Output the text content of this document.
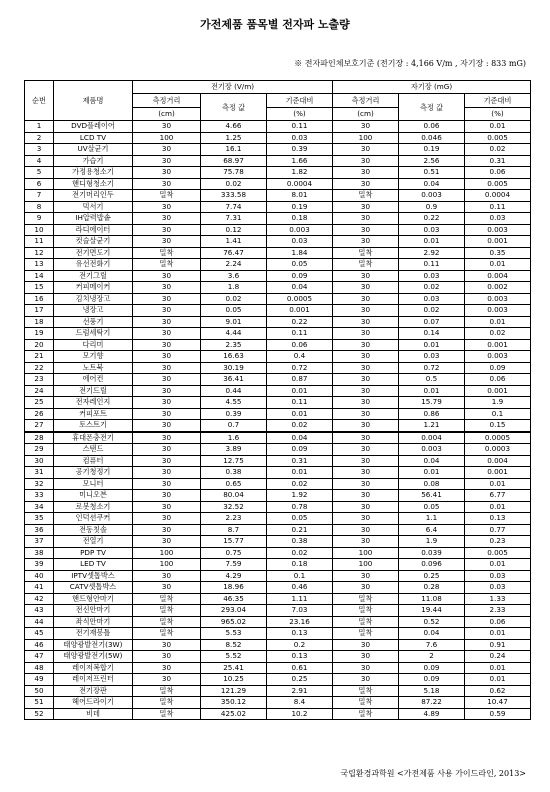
가전제품 품목별 전자파 노출량
※ 전자파인체보호기준 (전기장 : 4,166 V/m , 자기장 : 833 mG)
순번	제품명	전기장 (V/m)			자기장 (mG)		
		측정거리	측정 값	기준대비	측정거리	측정 값	기준대비
		(cm)		(%)	(cm)		(%)
1	DVD플레이어	30	4.66	0.11	30	0.06	0.01
2	LCD TV	100	1.25	0.03	100	0.046	0.005
3	UV살균기	30	16.1	0.39	30	0.19	0.02
4	가습기	30	68.97	1.66	30	2.56	0.31
5	가정용청소기	30	75.78	1.82	30	0.51	0.06
6	핸디형청소기	30	0.02	0.0004	30	0.04	0.005
7	전기머리인두	밀착	333.58	8.01	밀착	0.003	0.0004
8	믹서기	30	7.74	0.19	30	0.9	0.11
9	IH압력밥솥	30	7.31	0.18	30	0.22	0.03
10	라디에이터	30	0.12	0.003	30	0.03	0.003
11	컷슬살균기	30	1.41	0.03	30	0.01	0.001
12	전기면도기	밀착	76.47	1.84	밀착	2.92	0.35
13	유선전화기	밀착	2.24	0.05	밀착	0.11	0.01
14	전기그릴	30	3.6	0.09	30	0.03	0.004
15	커피메이커	30	1.8	0.04	30	0.02	0.002
16	김치냉장고	30	0.02	0.0005	30	0.03	0.003
17	냉장고	30	0.05	0.001	30	0.02	0.003
18	선풍기	30	9.01	0.22	30	0.07	0.01
19	드럼세탁기	30	4.44	0.11	30	0.14	0.02
20	다리미	30	2.35	0.06	30	0.01	0.001
21	모기향	30	16.63	0.4	30	0.03	0.003
22	노트북	30	30.19	0.72	30	0.72	0.09
23	에어컨	30	36.41	0.87	30	0.5	0.06
24	전기드릴	30	0.44	0.01	30	0.01	0.001
25	전자레인지	30	4.55	0.11	30	15.79	1.9
26	커피포트	30	0.39	0.01	30	0.86	0.1
27	토스트기	30	0.7	0.02	30	1.21	0.15
28	휴대폰충전기	30	1.6	0.04	30	0.004	0.0005
29	스탠드	30	3.89	0.09	30	0.003	0.0003
30	컴퓨터	30	12.75	0.31	30	0.04	0.004
31	공기청정기	30	0.38	0.01	30	0.01	0.001
32	모니터	30	0.65	0.02	30	0.08	0.01
33	미니오븐	30	80.04	1.92	30	56.41	6.77
34	로봇청소기	30	32.52	0.78	30	0.05	0.01
35	인덕션쿠커	30	2.23	0.05	30	1.1	0.13
36	전동칫솔	30	8.7	0.21	30	6.4	0.77
37	전열기	30	15.77	0.38	30	1.9	0.23
38	PDP TV	100	0.75	0.02	100	0.039	0.005
39	LED TV	100	7.59	0.18	100	0.096	0.01
40	IPTV셋톱박스	30	4.29	0.1	30	0.25	0.03
41	CATV셋톱박스	30	18.96	0.46	30	0.28	0.03
42	핸드형안마기	밀착	46.35	1.11	밀착	11.08	1.33
43	전신안마기	밀착	293.04	7.03	밀착	19.44	2.33
44	좌식안마기	밀착	965.02	23.16	밀착	0.52	0.06
45	전기재봉틀	밀착	5.53	0.13	밀착	0.04	0.01
46	태양광발전기(3W)	30	8.52	0.2	30	7.6	0.91
47	태양광발전기(5W)	30	5.52	0.13	30	2	0.24
48	레이저복합기	30	25.41	0.61	30	0.09	0.01
49	레이저프린터	30	10.25	0.25	30	0.09	0.01
50	전기장판	밀착	121.29	2.91	밀착	5.18	0.62
51	헤어드라이기	밀착	350.12	8.4	밀착	87.22	10.47
52	비데	밀착	425.02	10.2	밀착	4.89	0.59
국립환경과학원 <가전제품 사용 가이드라인, 2013>
